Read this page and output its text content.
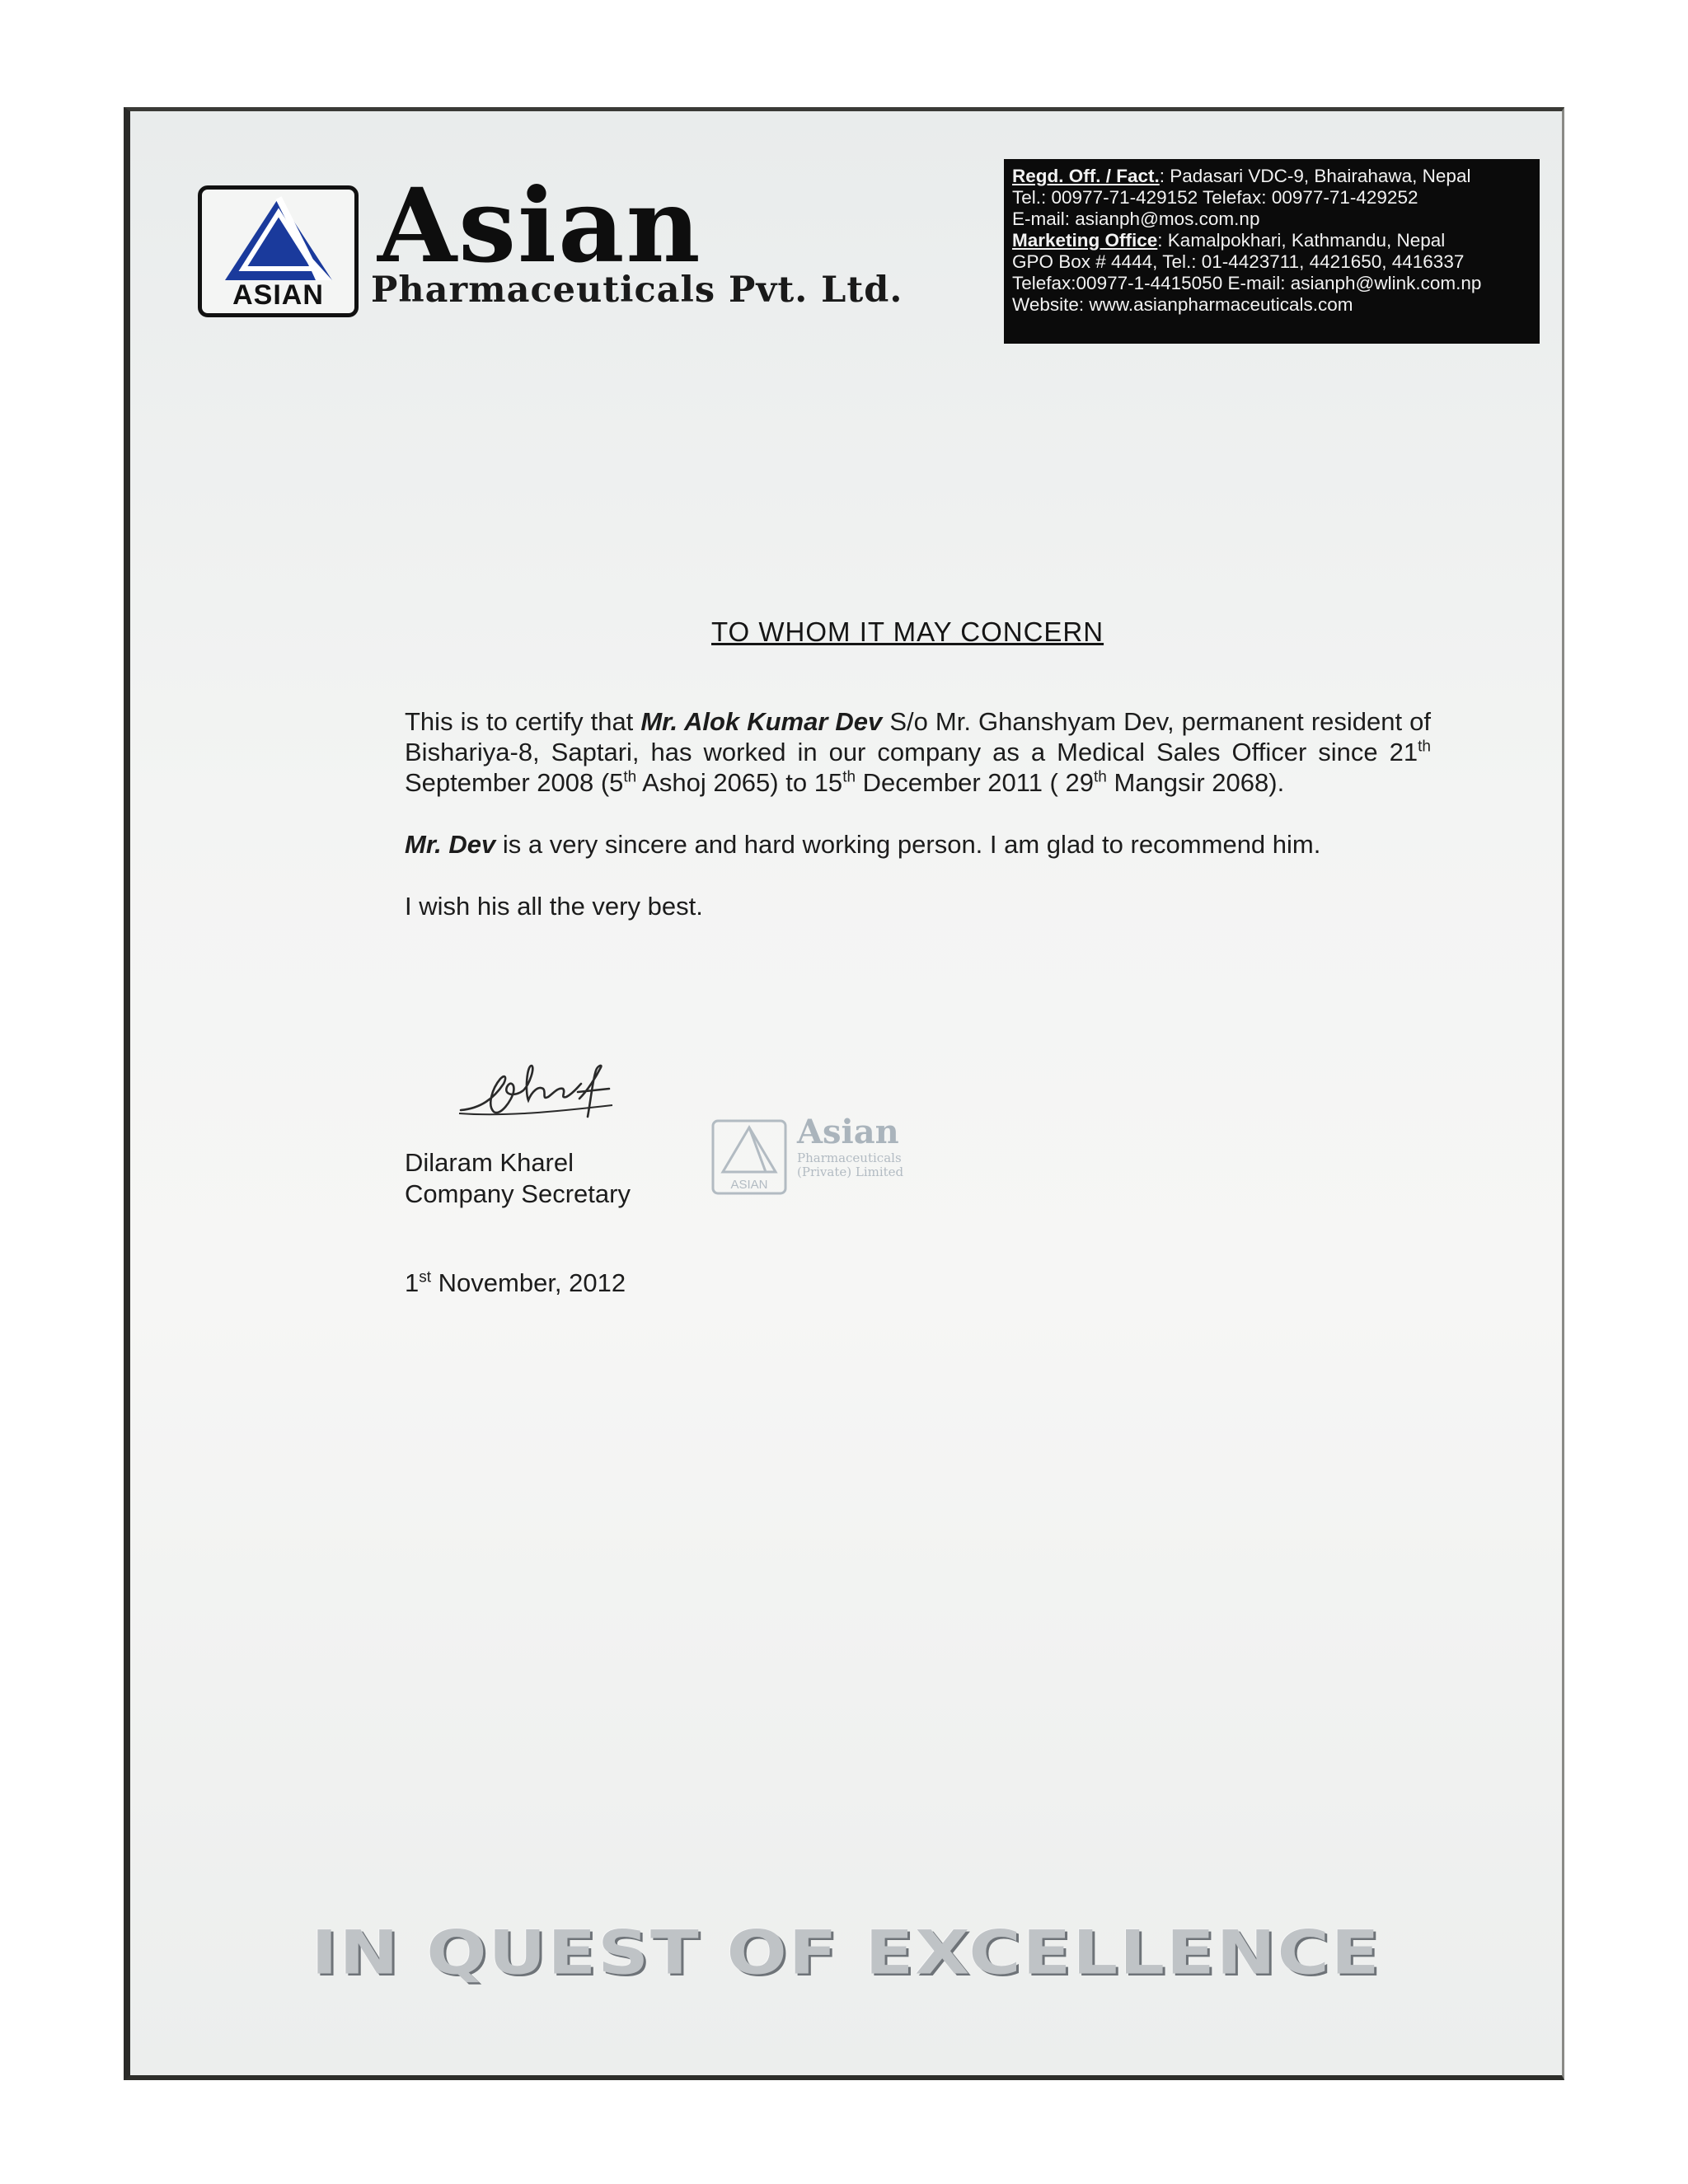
ASIAN
Asian
Pharmaceuticals Pvt. Ltd.
Regd. Off. / Fact.: Padasari VDC-9, Bhairahawa, Nepal
Tel.: 00977-71-429152 Telefax: 00977-71-429252
E-mail: asianph@mos.com.np
Marketing Office: Kamalpokhari, Kathmandu, Nepal
GPO Box # 4444, Tel.: 01-4423711, 4421650, 4416337
Telefax:00977-1-4415050 E-mail: asianph@wlink.com.np
Website: www.asianpharmaceuticals.com
TO WHOM IT MAY CONCERN

This is to certify that Mr. Alok Kumar Dev S/o Mr. Ghanshyam Dev, permanent resident of Bishariya-8, Saptari, has worked in our company as a Medical Sales Officer since 21th September 2008 (5th Ashoj 2065) to 15th December 2011 ( 29th Mangsir 2068).

Mr. Dev is a very sincere and hard working person. I am glad to recommend him.

I wish his all the very best.

Dilaram Kharel
Company Secretary	ASIAN
Asian
Pharmaceuticals
(Private) Limited
1st November, 2012
IN QUEST OF EXCELLENCE
